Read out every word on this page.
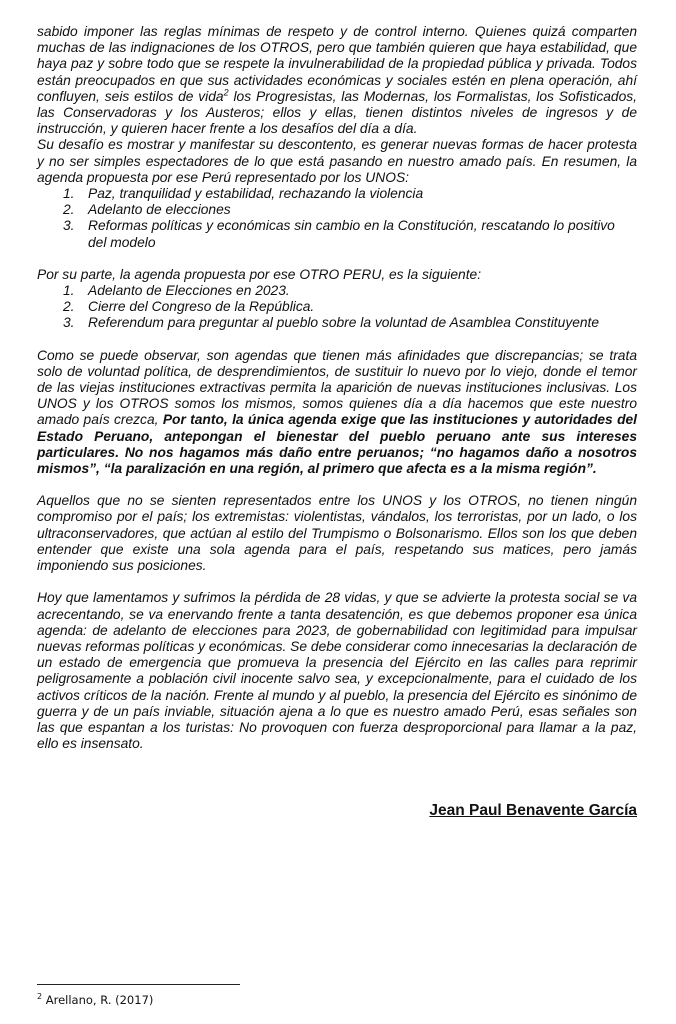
sabido imponer las reglas mínimas de respeto y de control interno. Quienes quizá comparten muchas de las indignaciones de los OTROS, pero que también quieren que haya estabilidad, que haya paz y sobre todo que se respete la invulnerabilidad de la propiedad pública y privada. Todos están preocupados en que sus actividades económicas y sociales estén en plena operación, ahí confluyen, seis estilos de vida$^2$ los Progresistas, las Modernas, los Formalistas, los Sofisticados, las Conservadoras y los Austeros; ellos y ellas, tienen distintos niveles de ingresos y de instrucción, y quieren hacer frente a los desafíos del día a día.

Su desafío es mostrar y manifestar su descontento, es generar nuevas formas de hacer protesta y no ser simples espectadores de lo que está pasando en nuestro amado país. En resumen, la agenda propuesta por ese Perú representado por los UNOS:

1. Paz, tranquilidad y estabilidad, rechazando la violencia
2. Adelanto de elecciones
3. Reformas políticas y económicas sin cambio en la Constitución, rescatando lo positivo del modelo

Por su parte, la agenda propuesta por ese OTRO PERU, es la siguiente:

1. Adelanto de Elecciones en 2023.
2. Cierre del Congreso de la República.
3. Referendum para preguntar al pueblo sobre la voluntad de Asamblea Constituyente

Como se puede observar, son agendas que tienen más afinidades que discrepancias; se trata solo de voluntad política, de desprendimientos, de sustituir lo nuevo por lo viejo, donde el temor de las viejas instituciones extractivas permita la aparición de nuevas instituciones inclusivas. Los UNOS y los OTROS somos los mismos, somos quienes día a día hacemos que este nuestro amado país crezca, Por tanto, la única agenda exige que las instituciones y autoridades del Estado Peruano, antepongan el bienestar del pueblo peruano ante sus intereses particulares. No nos hagamos más daño entre peruanos; “no hagamos daño a nosotros mismos”, “la paralización en una región, al primero que afecta es a la misma región”.

Aquellos que no se sienten representados entre los UNOS y los OTROS, no tienen ningún compromiso por el país; los extremistas: violentistas, vándalos, los terroristas, por un lado, o los ultraconservadores, que actúan al estilo del Trumpismo o Bolsonarismo. Ellos son los que deben entender que existe una sola agenda para el país, respetando sus matices, pero jamás imponiendo sus posiciones.

Hoy que lamentamos y sufrimos la pérdida de 28 vidas, y que se advierte la protesta social se va acrecentando, se va enervando frente a tanta desatención, es que debemos proponer esa única agenda: de adelanto de elecciones para 2023, de gobernabilidad con legitimidad para impulsar nuevas reformas políticas y económicas. Se debe considerar como innecesarias la declaración de un estado de emergencia que promueva la presencia del Ejército en las calles para reprimir peligrosamente a población civil inocente salvo sea, y excepcionalmente, para el cuidado de los activos críticos de la nación. Frente al mundo y al pueblo, la presencia del Ejército es sinónimo de guerra y de un país inviable, situación ajena a lo que es nuestro amado Perú, esas señales son las que espantan a los turistas: No provoquen con fuerza desproporcional para llamar a la paz, ello es insensato.

Jean Paul Benavente García
$^2$ Arellano, R. (2017)
